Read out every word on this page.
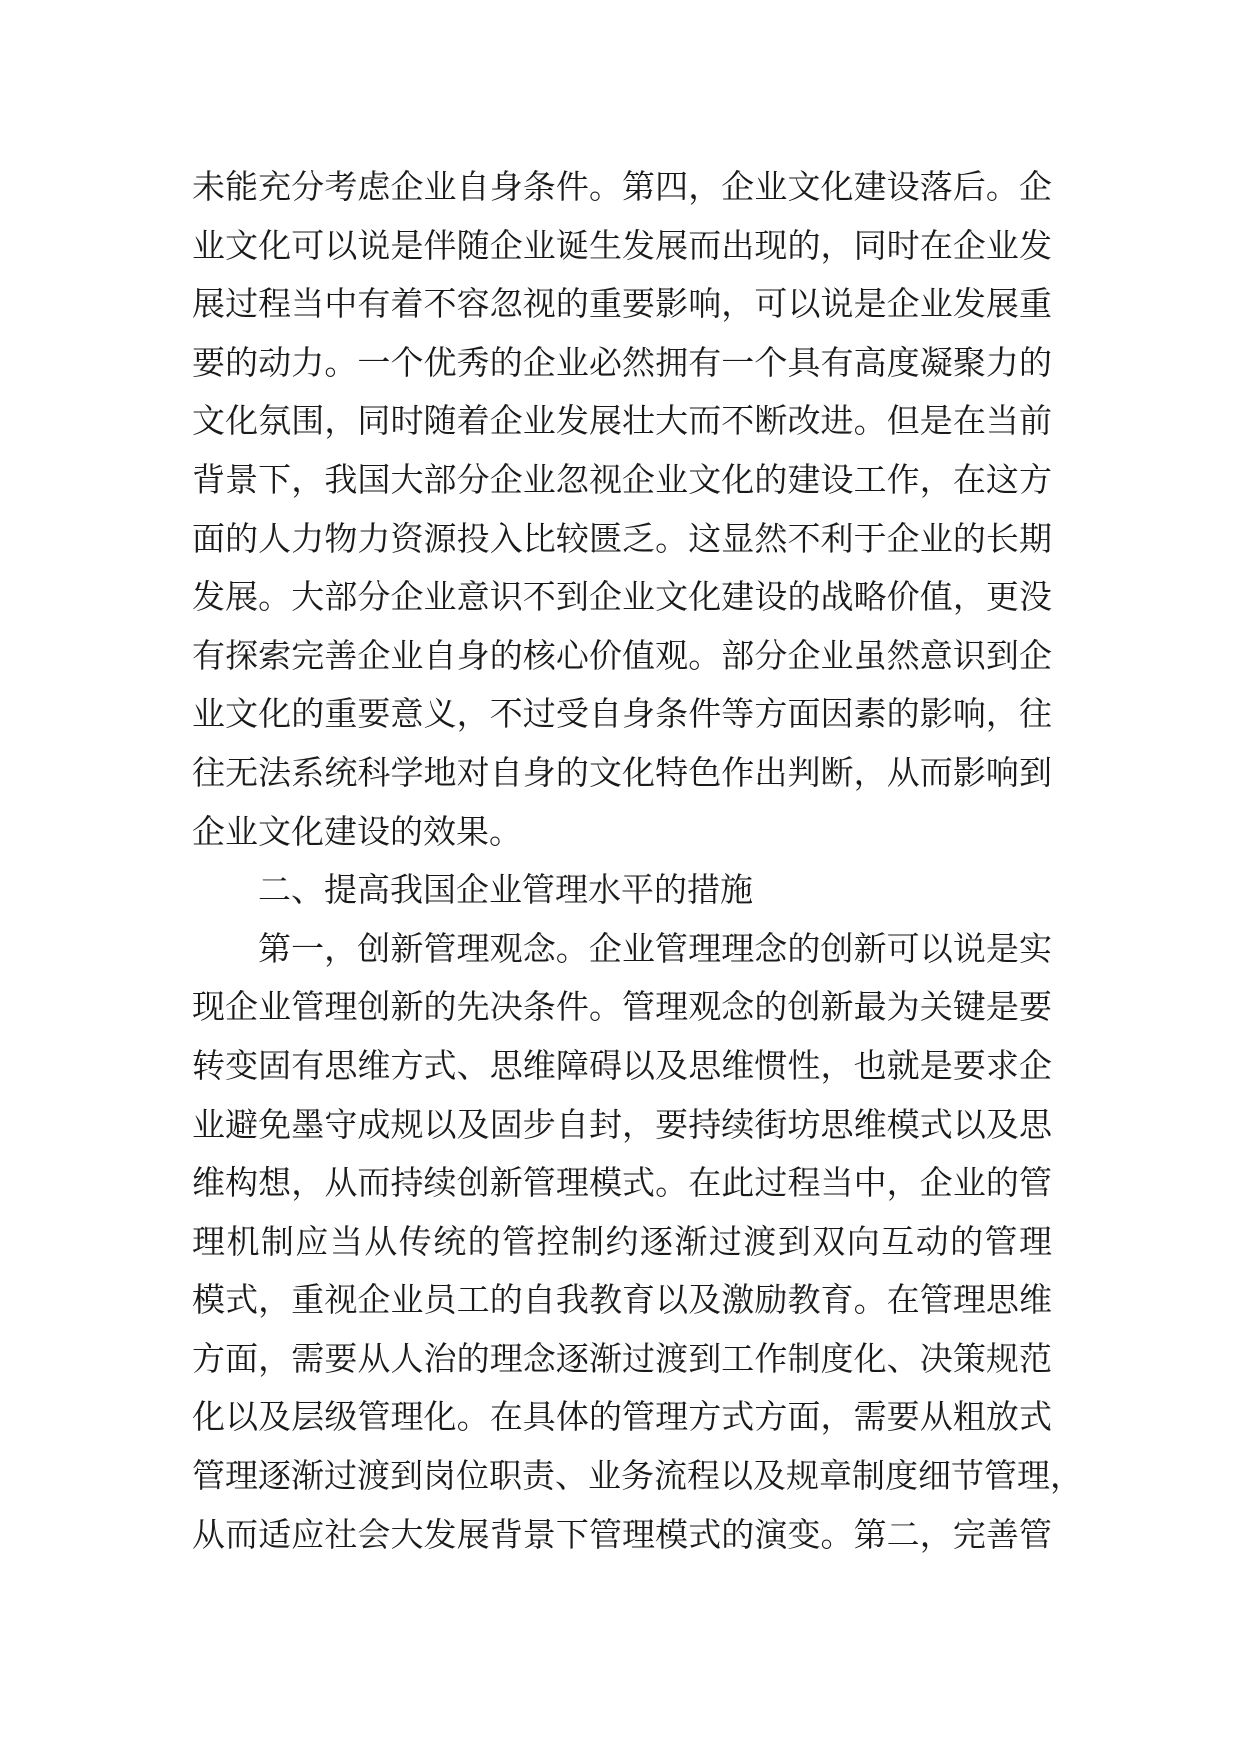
未能充分考虑企业自身条件。第四，企业文化建设落后。企
业文化可以说是伴随企业诞生发展而出现的，同时在企业发
展过程当中有着不容忽视的重要影响，可以说是企业发展重
要的动力。一个优秀的企业必然拥有一个具有高度凝聚力的
文化氛围，同时随着企业发展壮大而不断改进。但是在当前
背景下，我国大部分企业忽视企业文化的建设工作，在这方
面的人力物力资源投入比较匮乏。这显然不利于企业的长期
发展。大部分企业意识不到企业文化建设的战略价值，更没
有探索完善企业自身的核心价值观。部分企业虽然意识到企
业文化的重要意义，不过受自身条件等方面因素的影响，往
往无法系统科学地对自身的文化特色作出判断，从而影响到
企业文化建设的效果。
二、提高我国企业管理水平的措施
第一，创新管理观念。企业管理理念的创新可以说是实
现企业管理创新的先决条件。管理观念的创新最为关键是要
转变固有思维方式、思维障碍以及思维惯性，也就是要求企
业避免墨守成规以及固步自封，要持续街坊思维模式以及思
维构想，从而持续创新管理模式。在此过程当中，企业的管
理机制应当从传统的管控制约逐渐过渡到双向互动的管理
模式，重视企业员工的自我教育以及激励教育。在管理思维
方面，需要从人治的理念逐渐过渡到工作制度化、决策规范
化以及层级管理化。在具体的管理方式方面，需要从粗放式
管理逐渐过渡到岗位职责、业务流程以及规章制度细节管理，
从而适应社会大发展背景下管理模式的演变。第二，完善管
